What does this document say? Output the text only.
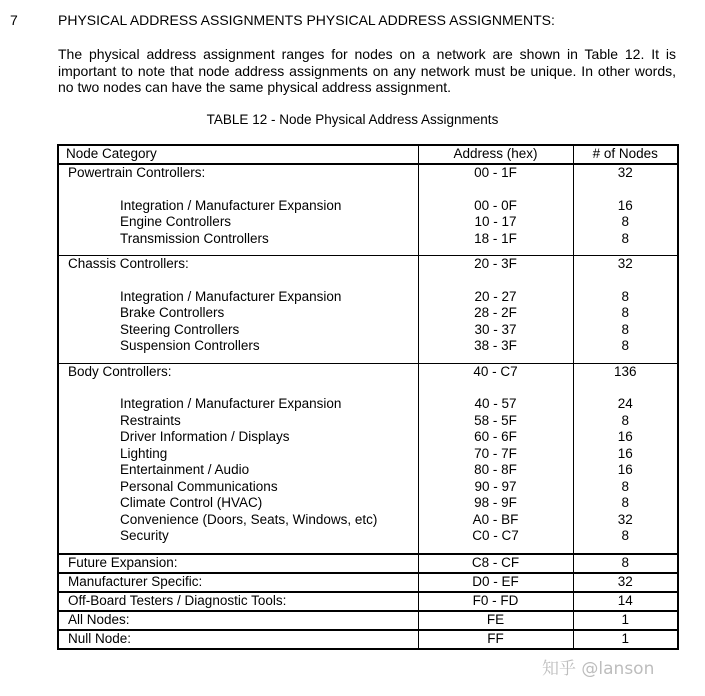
7	PHYSICAL ADDRESS ASSIGNMENTS PHYSICAL ADDRESS ASSIGNMENTS:
The physical address assignment ranges for nodes on a network are shown in Table 12. It is important to note that node address assignments on any network must be unique. In other words, no two nodes can have the same physical address assignment.
TABLE 12 - Node Physical Address Assignments
Node Category	Address (hex)	# of Nodes
Powertrain Controllers:	00 - 1F	32

Integration / Manufacturer Expansion	00 - 0F	16
Engine Controllers	10 - 17	8
Transmission Controllers	18 - 1F	8
Chassis Controllers:	20 - 3F	32

Integration / Manufacturer Expansion	20 - 27	8
Brake Controllers	28 - 2F	8
Steering Controllers	30 - 37	8
Suspension Controllers	38 - 3F	8
Body Controllers:	40 - C7	136

Integration / Manufacturer Expansion	40 - 57	24
Restraints	58 - 5F	8
Driver Information / Displays	60 - 6F	16
Lighting	70 - 7F	16
Entertainment / Audio	80 - 8F	16
Personal Communications	90 - 97	8
Climate Control (HVAC)	98 - 9F	8
Convenience (Doors, Seats, Windows, etc)	A0 - BF	32
Security	C0 - C7	8
Future Expansion:	C8 - CF	8
Manufacturer Specific:	D0 - EF	32
Off-Board Testers / Diagnostic Tools:	F0 - FD	14
All Nodes:	FE	1
Null Node:	FF	1
知乎 @lanson
